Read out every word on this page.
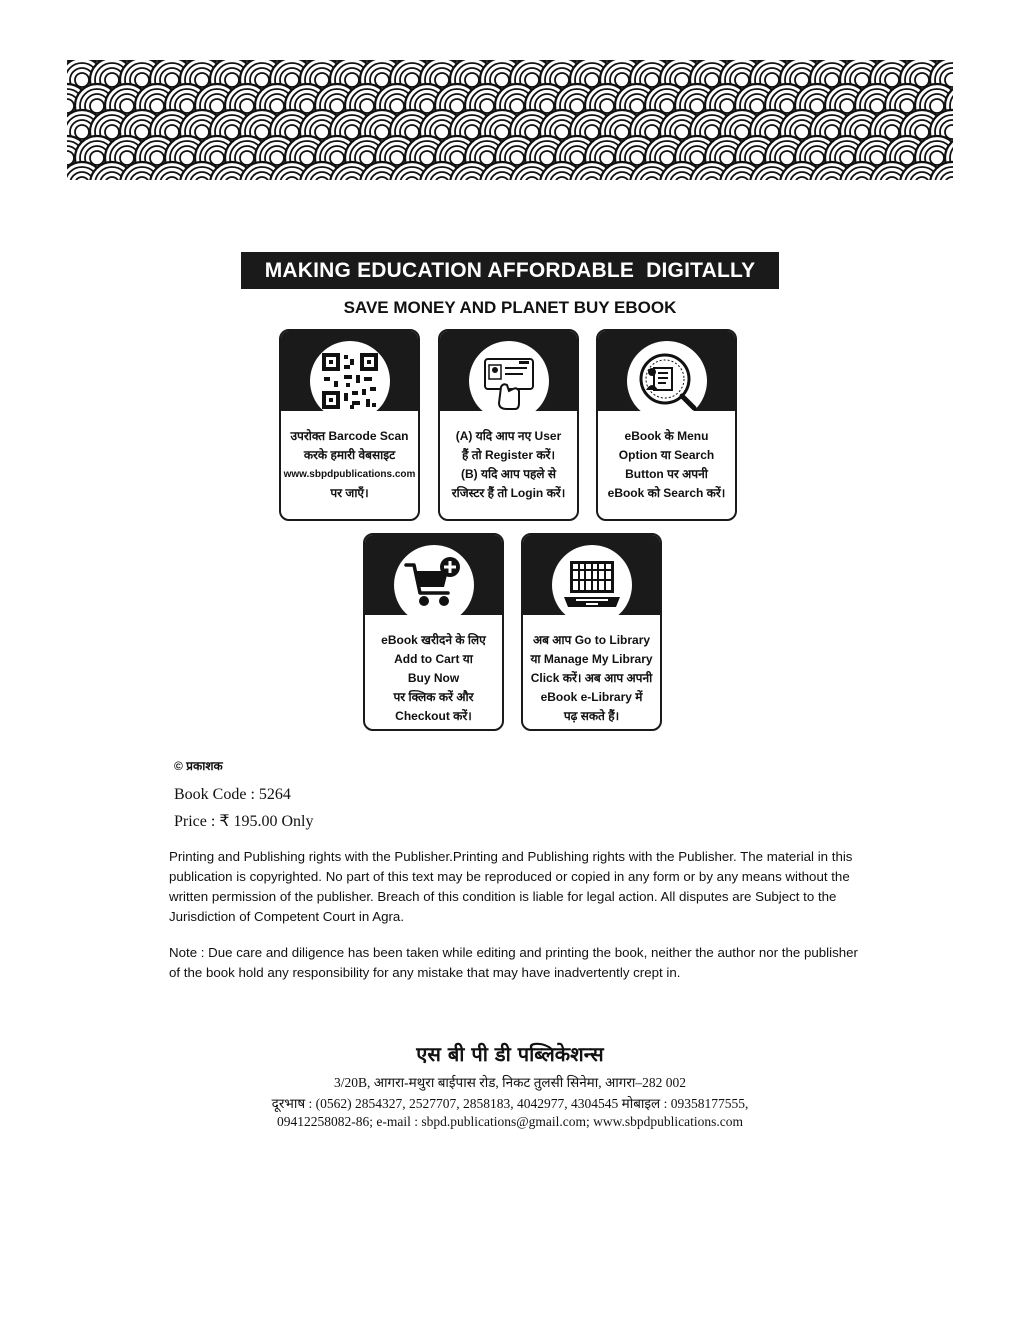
MAKING EDUCATION AFFORDABLE  DIGITALLY
SAVE MONEY AND PLANET BUY EBOOK
उपरोक्त Barcode Scan
करके हमारी वेबसाइट
www.sbpdpublications.com
पर जाएँ।
(A) यदि आप नए User
हैं तो Register करें।
(B) यदि आप पहले से
रजिस्टर हैं तो Login करें।
eBook के Menu
Option या Search
Button पर अपनी
eBook को Search करें।
eBook खरीदने के लिए
Add to Cart या
Buy Now
पर क्लिक करें और
Checkout करें।
अब आप Go to Library
या Manage My Library
Click करें। अब आप अपनी
eBook e-Library में
पढ़ सकते हैं।
© प्रकाशक
Book Code : 5264
Price : ₹ 195.00 Only
Printing and Publishing rights with the Publisher.Printing and Publishing rights with the Publisher. The material in this publication is copyrighted. No part of this text may be reproduced or copied in any form or by any means without the written permission of the publisher. Breach of this condition is liable for legal action. All disputes are Subject to the Jurisdiction of Competent Court in Agra.
Note : Due care and diligence has been taken while editing and printing the book, neither the author nor the publisher of the book hold any responsibility for any mistake that may have inadvertently crept in.
एस बी पी डी पब्लिकेशन्स
3/20B, आगरा-मथुरा बाईपास रोड, निकट तुलसी सिनेमा, आगरा–282 002
दूरभाष : (0562) 2854327, 2527707, 2858183, 4042977, 4304545 मोबाइल : 09358177555,
09412258082-86; e-mail : sbpd.publications@gmail.com; www.sbpdpublications.com
